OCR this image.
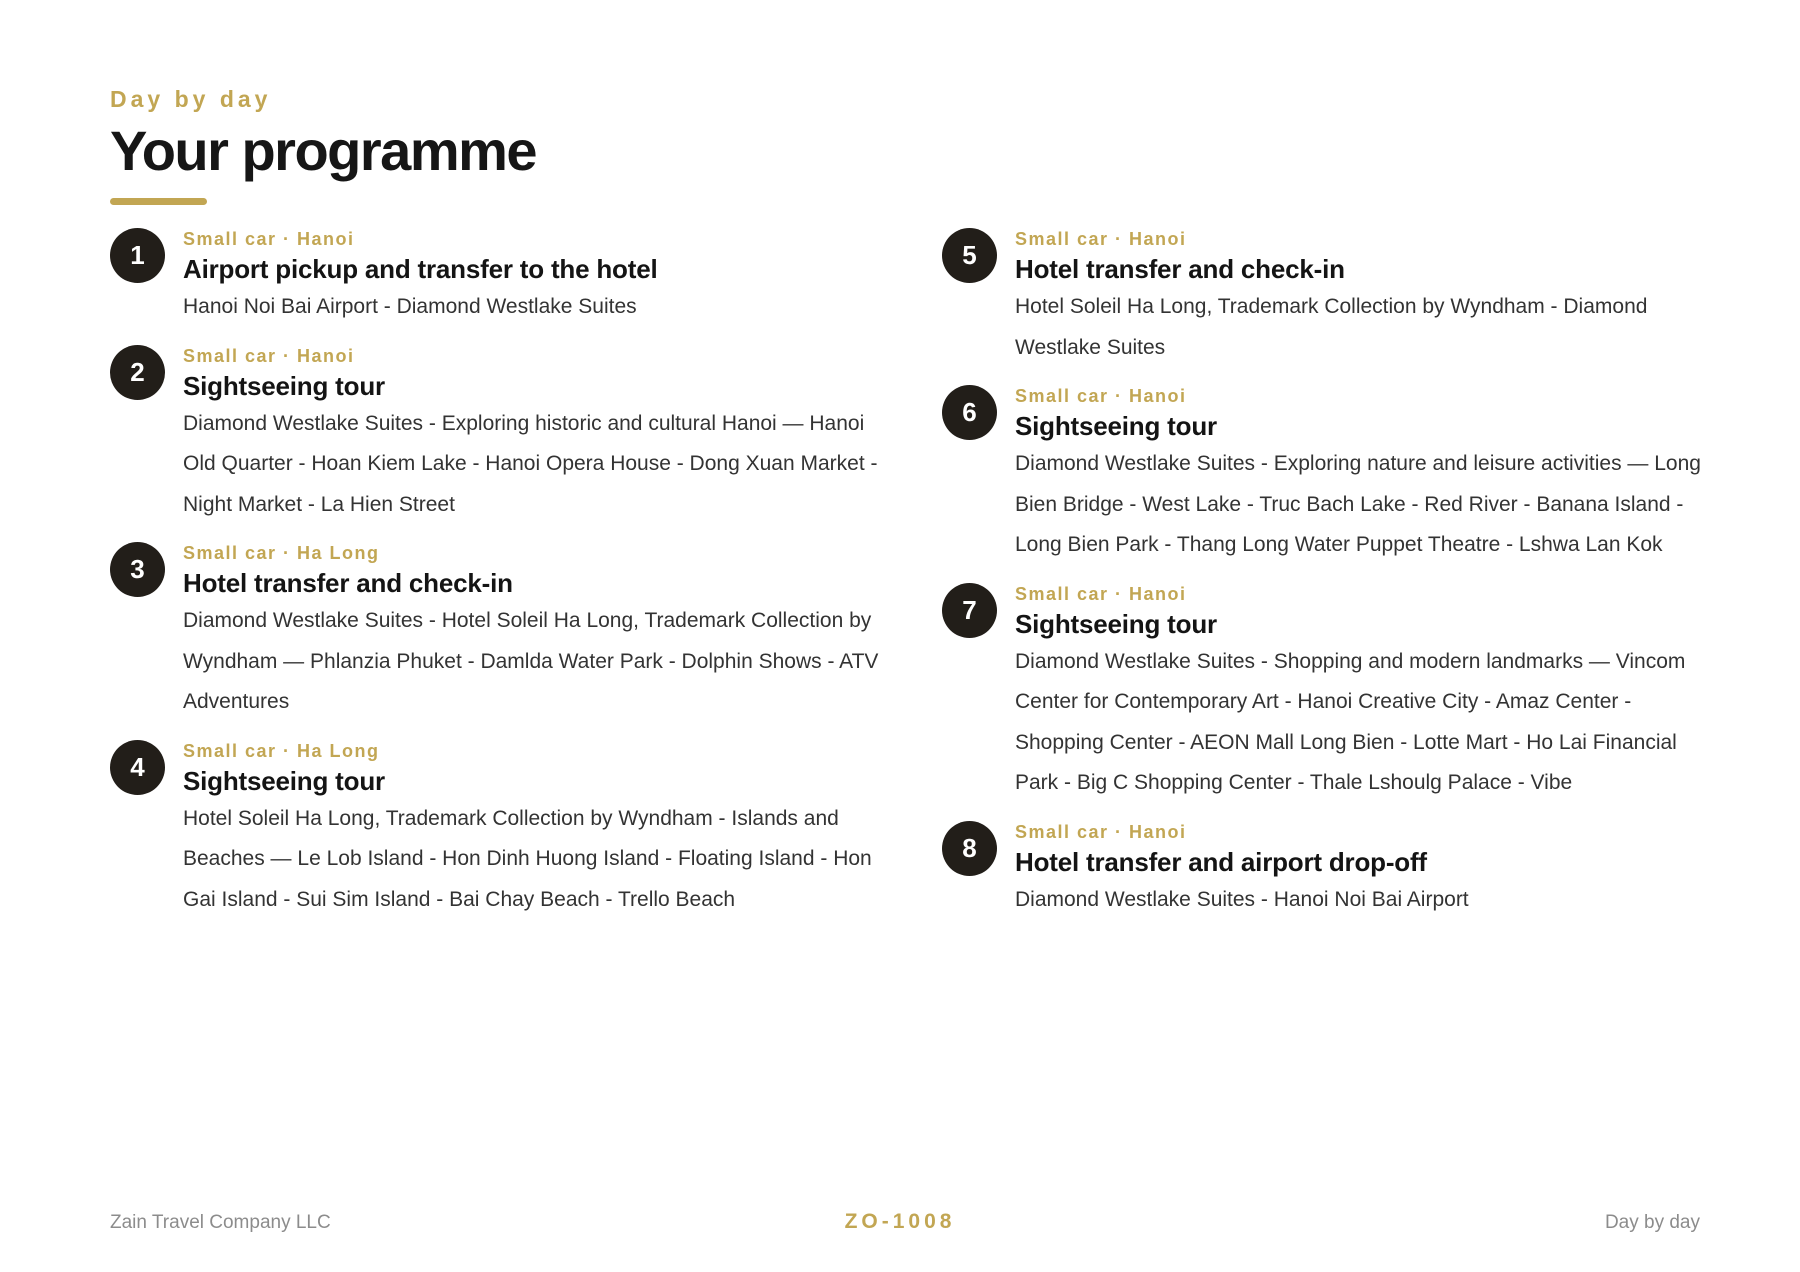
Day by day
Your programme
1
Small car · Hanoi
Airport pickup and transfer to the hotel
Hanoi Noi Bai Airport - Diamond Westlake Suites
2
Small car · Hanoi
Sightseeing tour
Diamond Westlake Suites - Exploring historic and cultural Hanoi — Hanoi Old Quarter - Hoan Kiem Lake - Hanoi Opera House - Dong Xuan Market - Night Market - La Hien Street
3
Small car · Ha Long
Hotel transfer and check-in
Diamond Westlake Suites - Hotel Soleil Ha Long, Trademark Collection by Wyndham — Phlanzia Phuket - Damlda Water Park - Dolphin Shows - ATV Adventures
4
Small car · Ha Long
Sightseeing tour
Hotel Soleil Ha Long, Trademark Collection by Wyndham - Islands and Beaches — Le Lob Island - Hon Dinh Huong Island - Floating Island - Hon Gai Island - Sui Sim Island - Bai Chay Beach - Trello Beach
5
Small car · Hanoi
Hotel transfer and check-in
Hotel Soleil Ha Long, Trademark Collection by Wyndham - Diamond Westlake Suites
6
Small car · Hanoi
Sightseeing tour
Diamond Westlake Suites - Exploring nature and leisure activities — Long Bien Bridge - West Lake - Truc Bach Lake - Red River - Banana Island - Long Bien Park - Thang Long Water Puppet Theatre - Lshwa Lan Kok
7
Small car · Hanoi
Sightseeing tour
Diamond Westlake Suites - Shopping and modern landmarks — Vincom Center for Contemporary Art - Hanoi Creative City - Amaz Center - Shopping Center - AEON Mall Long Bien - Lotte Mart - Ho Lai Financial Park - Big C Shopping Center - Thale Lshoulg Palace - Vibe
8
Small car · Hanoi
Hotel transfer and airport drop-off
Diamond Westlake Suites - Hanoi Noi Bai Airport
Zain Travel Company LLC	ZO-1008	Day by day
